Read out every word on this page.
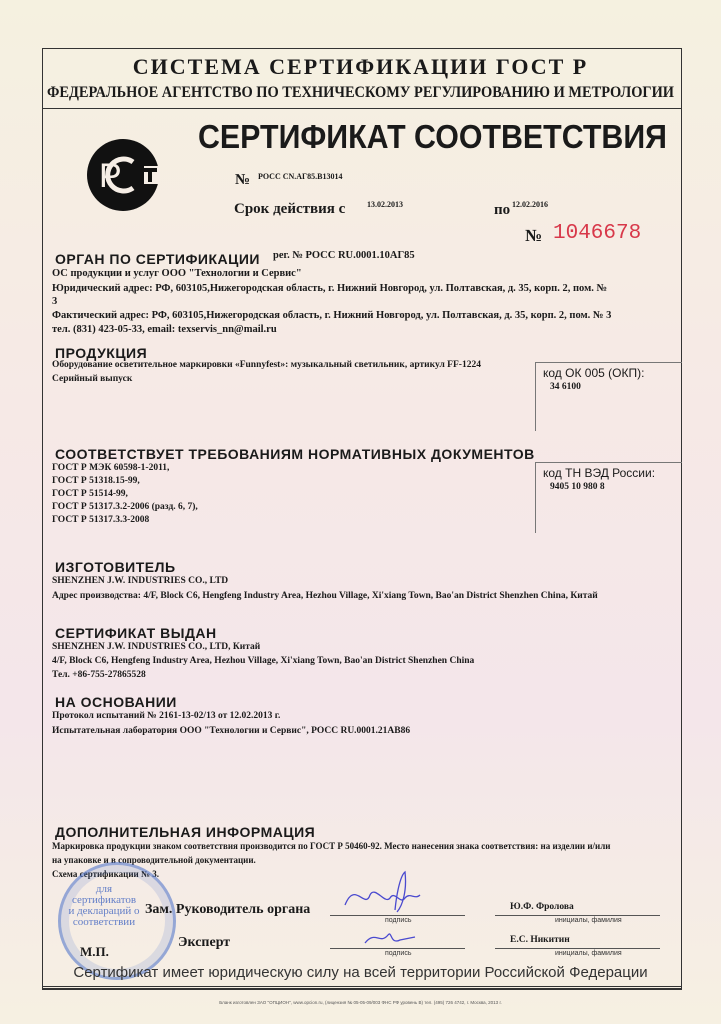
СИСТЕМА СЕРТИФИКАЦИИ ГОСТ Р
ФЕДЕРАЛЬНОЕ АГЕНТСТВО ПО ТЕХНИЧЕСКОМУ РЕГУЛИРОВАНИЮ И МЕТРОЛОГИИ
СЕРТИФИКАТ СООТВЕТСТВИЯ
P	№ РОСС CN.АГ85.В13014
Срок действия с	13.02.2013	по 12.02.2016
№ 1046678
ОРГАН ПО СЕРТИФИКАЦИИ рег. № РОСС RU.0001.10АГ85
ОС продукции и услуг ООО "Технологии и Сервис"
Юридический адрес: РФ, 603105,Нижегородская область, г. Нижний Новгород, ул. Полтавская, д. 35, корп. 2, пом. №
3
Фактический адрес: РФ, 603105,Нижегородская область, г. Нижний Новгород, ул. Полтавская, д. 35, корп. 2, пом. № 3
тел. (831) 423-05-33, email: texservis_nn@mail.ru
ПРОДУКЦИЯ
Оборудование осветительное маркировки «Funnyfest»: музыкальный светильник, артикул FF-1224
Серийный выпуск	код ОК 005 (ОКП):
34 6100
СООТВЕТСТВУЕТ ТРЕБОВАНИЯМ НОРМАТИВНЫХ ДОКУМЕНТОВ
ГОСТ Р МЭК 60598-1-2011,
ГОСТ Р 51318.15-99,
ГОСТ Р 51514-99,
ГОСТ Р 51317.3.2-2006 (разд. 6, 7),
ГОСТ Р 51317.3.3-2008
код ТН ВЭД России:
9405 10 980 8
ИЗГОТОВИТЕЛЬ
SHENZHEN J.W. INDUSTRIES CO., LTD
Адрес производства: 4/F, Block C6, Hengfeng Industry Area, Hezhou Village, Xi'xiang Town, Bao'an District Shenzhen China, Китай
СЕРТИФИКАТ ВЫДАН
SHENZHEN J.W. INDUSTRIES CO., LTD, Китай
4/F, Block C6, Hengfeng Industry Area, Hezhou Village, Xi'xiang Town, Bao'an District Shenzhen China
Тел. +86-755-27865528
НА ОСНОВАНИИ
Протокол испытаний № 2161-13-02/13 от 12.02.2013 г.
Испытательная лаборатория ООО "Технологии и Сервис", РОСС RU.0001.21АВ86
ДОПОЛНИТЕЛЬНАЯ ИНФОРМАЦИЯ
Маркировка продукции знаком соответствия производится по ГОСТ Р 50460-92. Место нанесения знака соответствия: на изделии и/или
на упаковке и в сопроводительной документации.
Схема сертификации № 3.
для сертификатов и деклараций о соответствии
М.П.
Зам. Руководитель органа
подпись
Ю.Ф. Фролова
инициалы, фамилия
Эксперт
подпись
Е.С. Никитин
инициалы, фамилия
Сертификат имеет юридическую силу на всей территории Российской Федерации
Бланк изготовлен ЗАО "ОПЦИОН", www.opcion.ru, (лицензия № 05-05-09/003 ФНС РФ уровень В) тел. (495) 726 4742, г. Москва, 2013 г.
